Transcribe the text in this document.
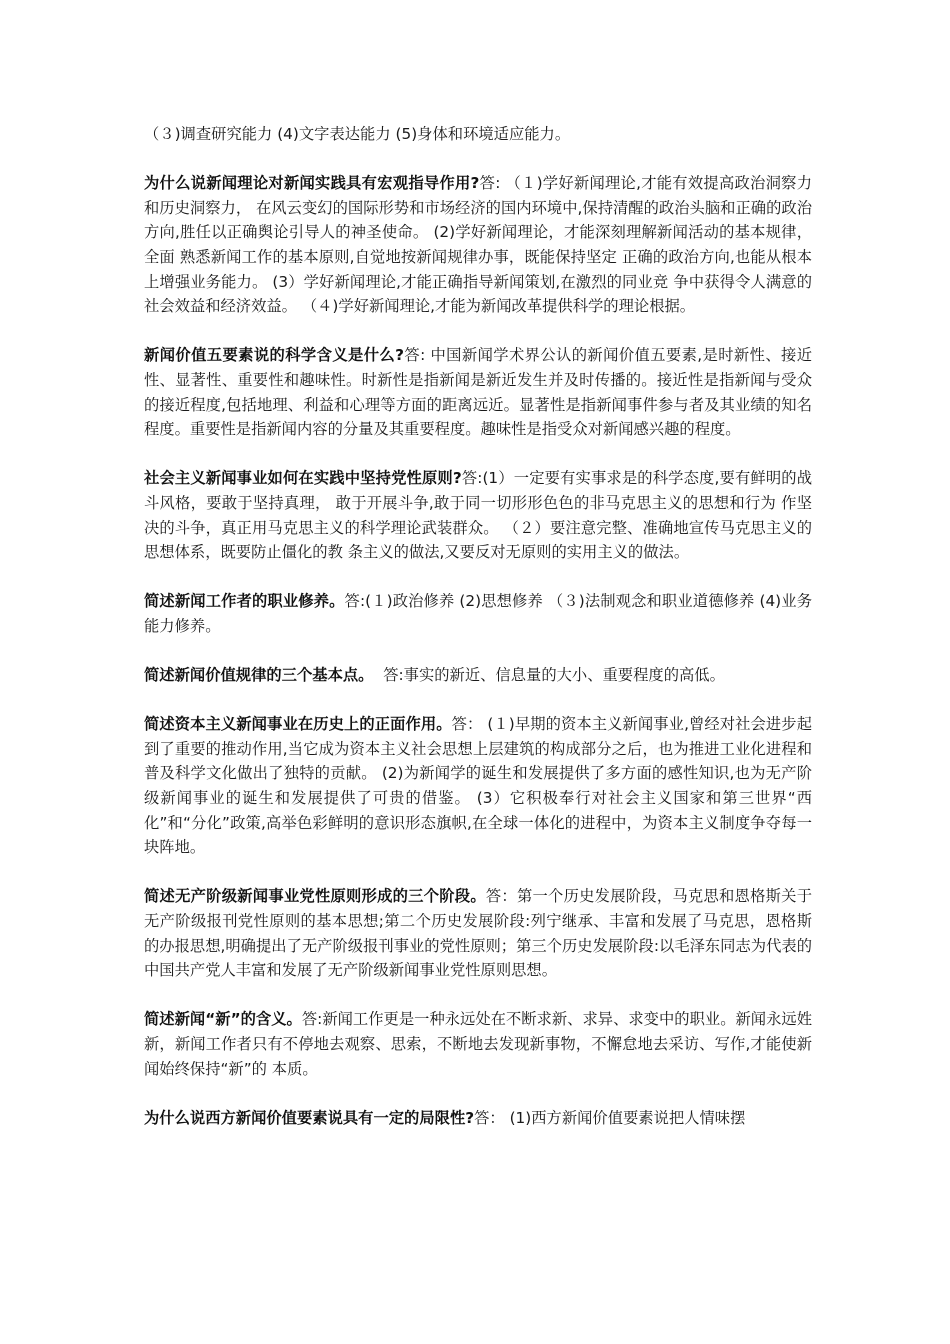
（３)调查研究能力 (4)文字表达能力 (5)身体和环境适应能力。

为什么说新闻理论对新闻实践具有宏观指导作用?答: （１)学好新闻理论,才能有效提高政治洞察力和历史洞察力， 在风云变幻的国际形势和市场经济的国内环境中,保持清醒的政治头脑和正确的政治方向,胜任以正确舆论引导人的神圣使命。 (2)学好新闻理论，才能深刻理解新闻活动的基本规律，全面 熟悉新闻工作的基本原则,自觉地按新闻规律办事，既能保持坚定 正确的政治方向,也能从根本上增强业务能力。 (3）学好新闻理论,才能正确指导新闻策划,在激烈的同业竞 争中获得令人满意的社会效益和经济效益。 （４)学好新闻理论,才能为新闻改革提供科学的理论根据。

新闻价值五要素说的科学含义是什么?答: 中国新闻学术界公认的新闻价值五要素,是时新性、接近性、显著性、重要性和趣味性。时新性是指新闻是新近发生并及时传播的。接近性是指新闻与受众的接近程度,包括地理、利益和心理等方面的距离远近。显著性是指新闻事件参与者及其业绩的知名程度。重要性是指新闻内容的分量及其重要程度。趣味性是指受众对新闻感兴趣的程度。

社会主义新闻事业如何在实践中坚持党性原则?答:(1）一定要有实事求是的科学态度,要有鲜明的战斗风格，要敢于坚持真理， 敢于开展斗争,敢于同一切形形色色的非马克思主义的思想和行为 作坚决的斗争，真正用马克思主义的科学理论武装群众。 （２）要注意完整、准确地宣传马克思主义的思想体系，既要防止僵化的教 条主义的做法,又要反对无原则的实用主义的做法。

简述新闻工作者的职业修养。答:(１)政治修养 (2)思想修养 （３)法制观念和职业道德修养 (4)业务能力修养。

简述新闻价值规律的三个基本点。  答:事实的新近、信息量的大小、重要程度的高低。

简述资本主义新闻事业在历史上的正面作用。答： (１)早期的资本主义新闻事业,曾经对社会进步起到了重要的推动作用,当它成为资本主义社会思想上层建筑的构成部分之后，也为推进工业化进程和普及科学文化做出了独特的贡献。 (2)为新闻学的诞生和发展提供了多方面的感性知识,也为无产阶级新闻事业的诞生和发展提供了可贵的借鉴。 (3）它积极奉行对社会主义国家和第三世界“西化”和“分化”政策,高举色彩鲜明的意识形态旗帜,在全球一体化的进程中，为资本主义制度争夺每一块阵地。

简述无产阶级新闻事业党性原则形成的三个阶段。答：第一个历史发展阶段，马克思和恩格斯关于无产阶级报刊党性原则的基本思想;第二个历史发展阶段:列宁继承、丰富和发展了马克思，恩格斯的办报思想,明确提出了无产阶级报刊事业的党性原则；第三个历史发展阶段:以毛泽东同志为代表的中国共产党人丰富和发展了无产阶级新闻事业党性原则思想。

简述新闻“新”的含义。答:新闻工作更是一种永远处在不断求新、求异、求变中的职业。新闻永远姓新，新闻工作者只有不停地去观察、思索，不断地去发现新事物，不懈怠地去采访、写作,才能使新闻始终保持“新”的 本质。

为什么说西方新闻价值要素说具有一定的局限性?答： (1)西方新闻价值要素说把人情味摆
